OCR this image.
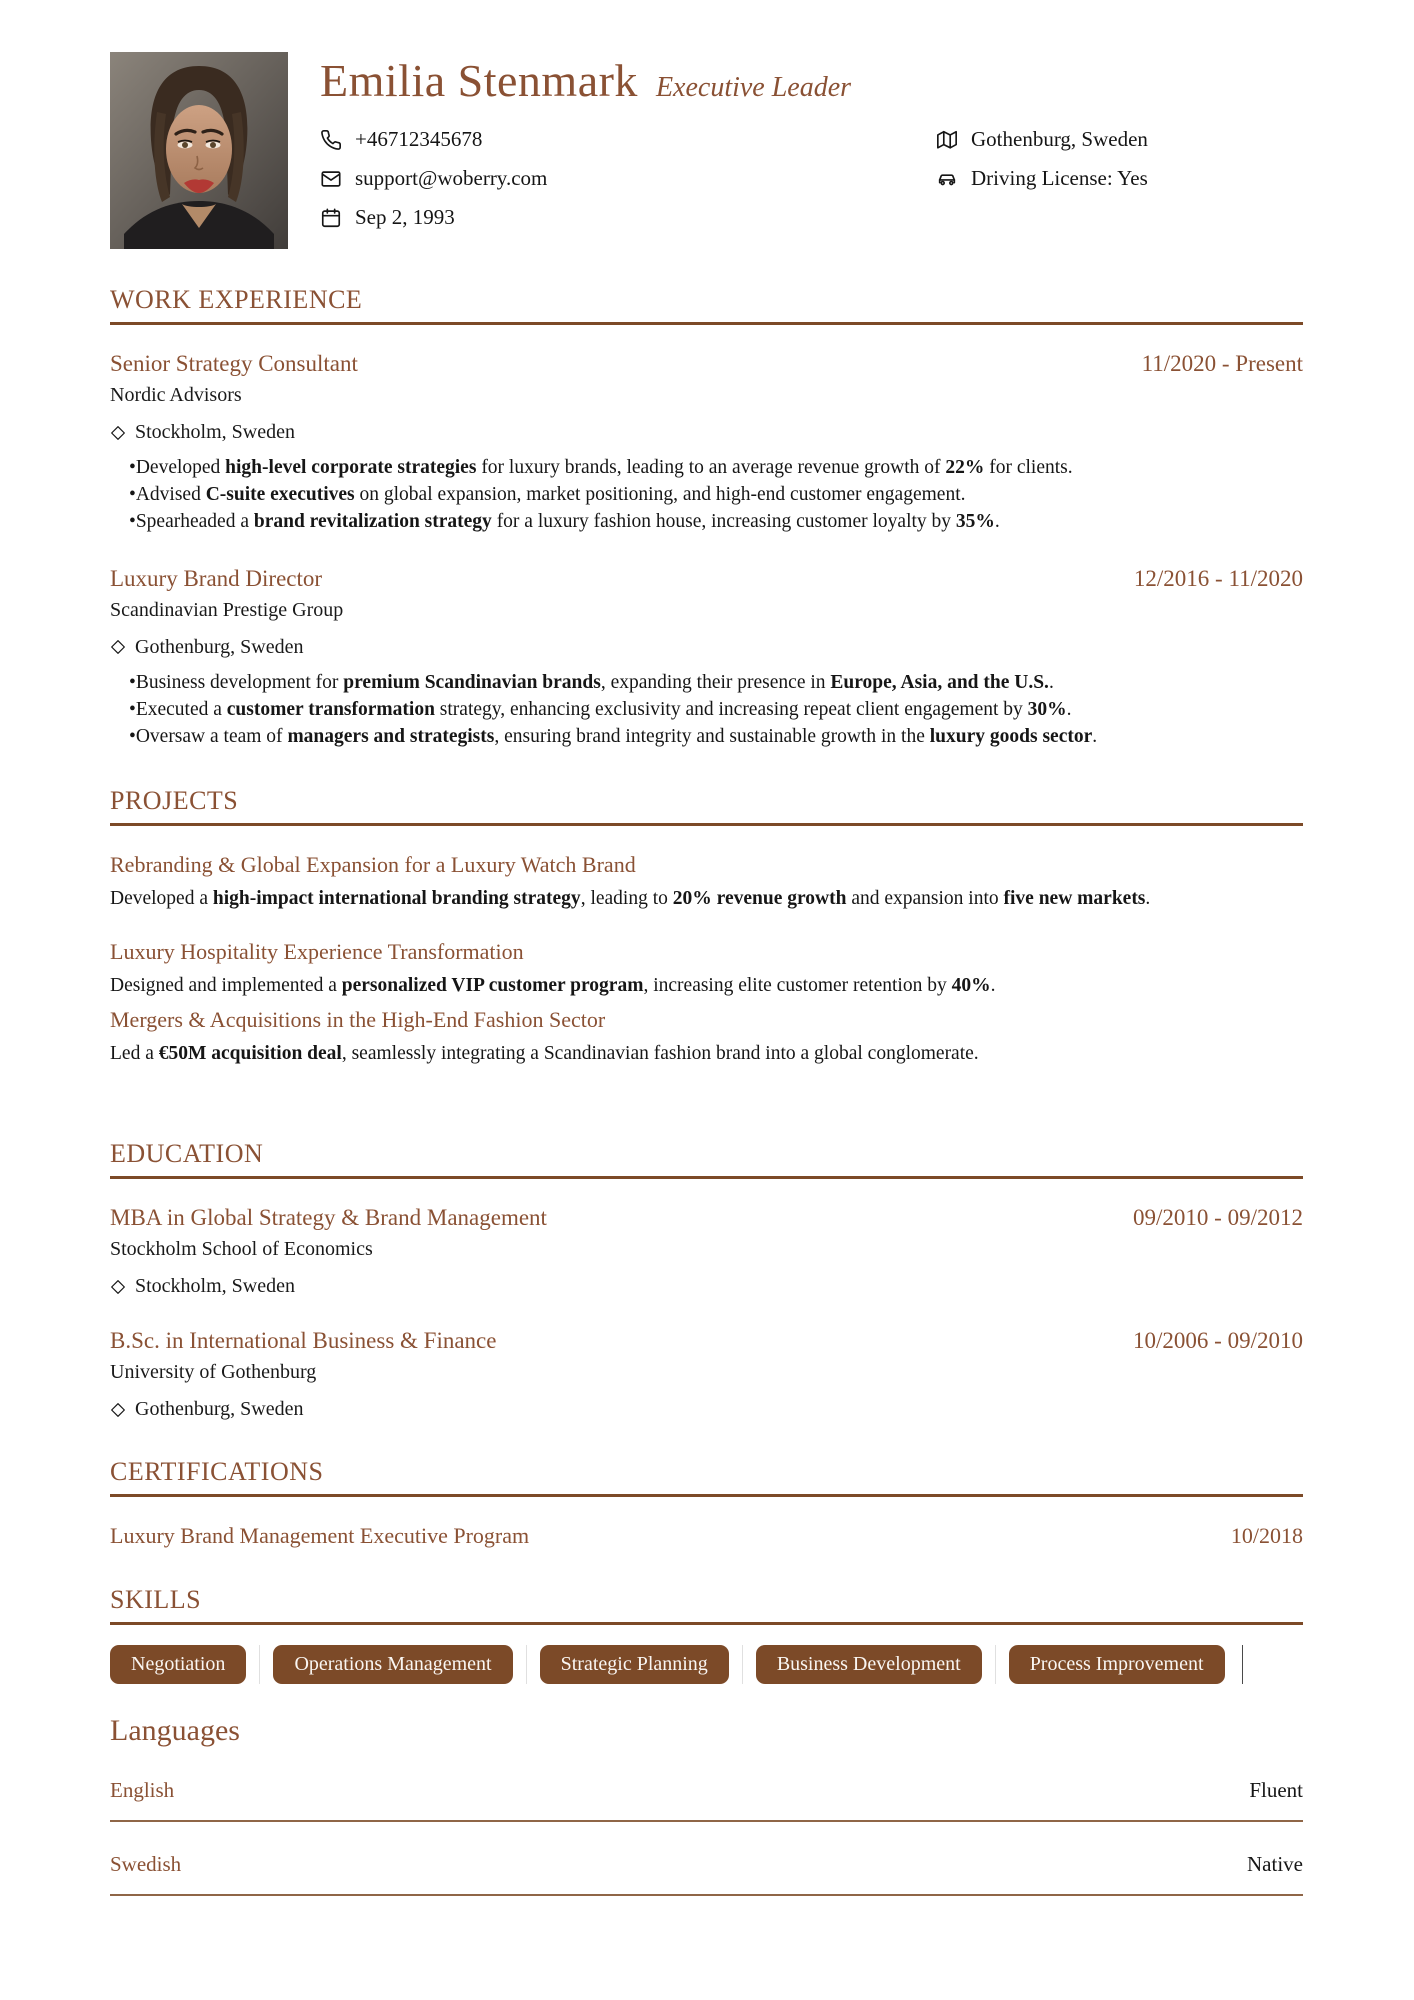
Emilia Stenmark Executive Leader
+46712345678
support@woberry.com
Sep 2, 1993
Gothenburg, Sweden
Driving License: Yes
WORK EXPERIENCE
Senior Strategy Consultant	11/2020 - Present
Nordic Advisors
Stockholm, Sweden
•Developed high-level corporate strategies for luxury brands, leading to an average revenue growth of 22% for clients.
•Advised C-suite executives on global expansion, market positioning, and high-end customer engagement.
•Spearheaded a brand revitalization strategy for a luxury fashion house, increasing customer loyalty by 35%.
Luxury Brand Director	12/2016 - 11/2020
Scandinavian Prestige Group
Gothenburg, Sweden
•Business development for premium Scandinavian brands, expanding their presence in Europe, Asia, and the U.S..
•Executed a customer transformation strategy, enhancing exclusivity and increasing repeat client engagement by 30%.
•Oversaw a team of managers and strategists, ensuring brand integrity and sustainable growth in the luxury goods sector.
PROJECTS
Rebranding & Global Expansion for a Luxury Watch Brand
Developed a high-impact international branding strategy, leading to 20% revenue growth and expansion into five new markets.
Luxury Hospitality Experience Transformation
Designed and implemented a personalized VIP customer program, increasing elite customer retention by 40%.
Mergers & Acquisitions in the High-End Fashion Sector
Led a €50M acquisition deal, seamlessly integrating a Scandinavian fashion brand into a global conglomerate.
EDUCATION
MBA in Global Strategy & Brand Management	09/2010 - 09/2012
Stockholm School of Economics
Stockholm, Sweden
B.Sc. in International Business & Finance	10/2006 - 09/2010
University of Gothenburg
Gothenburg, Sweden
CERTIFICATIONS
Luxury Brand Management Executive Program	10/2018
SKILLS
Negotiation	Operations Management	Strategic Planning	Business Development	Process Improvement
Languages
English	Fluent
Swedish	Native
